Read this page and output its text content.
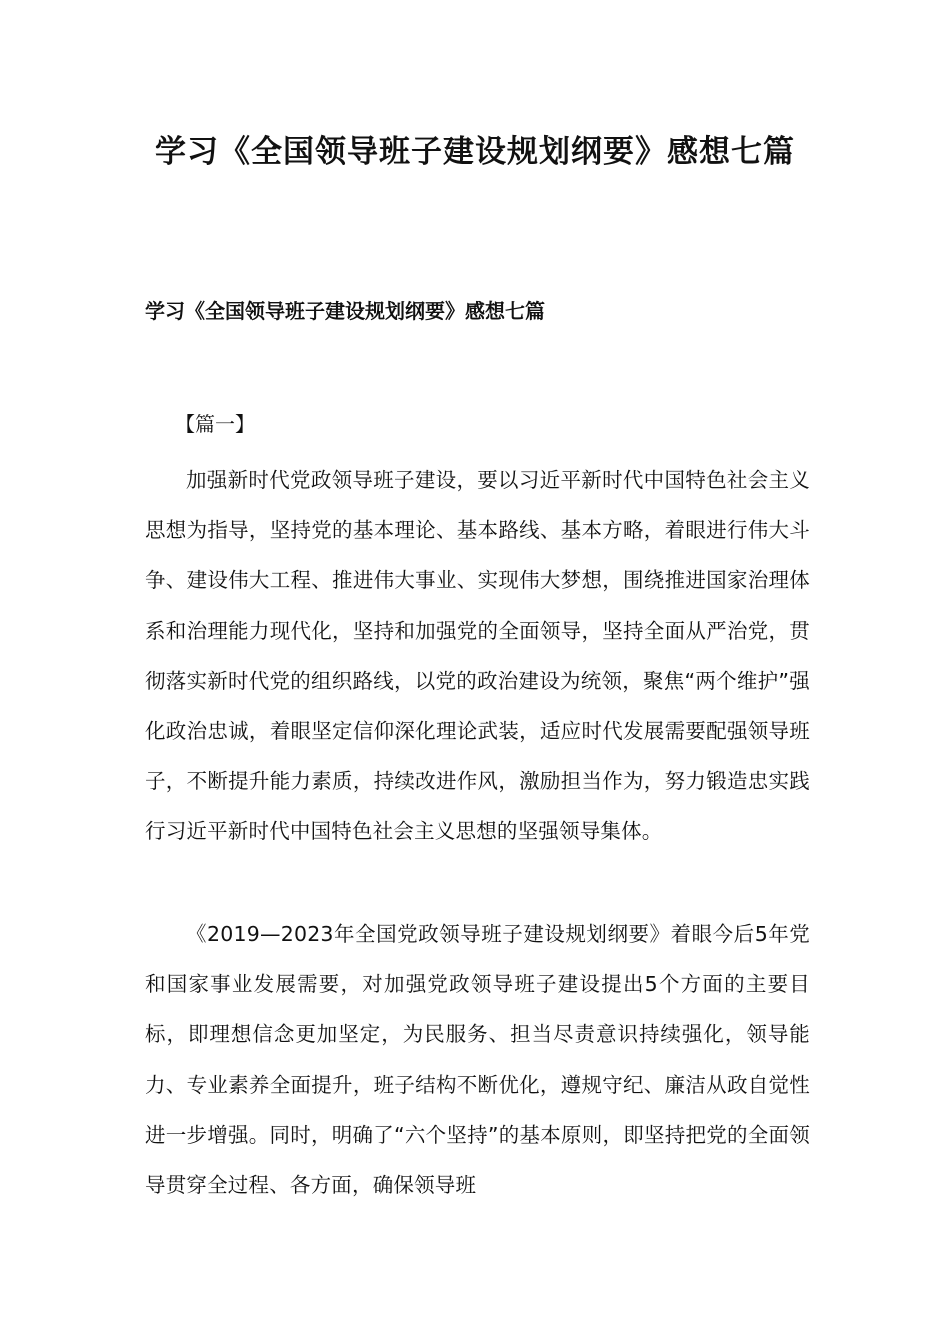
学习《全国领导班子建设规划纲要》感想七篇

学习《全国领导班子建设规划纲要》感想七篇

【篇一】

加强新时代党政领导班子建设，要以习近平新时代中国特色社会主义思想为指导，坚持党的基本理论、基本路线、基本方略，着眼进行伟大斗争、建设伟大工程、推进伟大事业、实现伟大梦想，围绕推进国家治理体系和治理能力现代化，坚持和加强党的全面领导，坚持全面从严治党，贯彻落实新时代党的组织路线，以党的政治建设为统领，聚焦“两个维护”强化政治忠诚，着眼坚定信仰深化理论武装，适应时代发展需要配强领导班子，不断提升能力素质，持续改进作风，激励担当作为，努力锻造忠实践行习近平新时代中国特色社会主义思想的坚强领导集体。

《2019—2023年全国党政领导班子建设规划纲要》着眼今后5年党和国家事业发展需要，对加强党政领导班子建设提出5个方面的主要目标，即理想信念更加坚定，为民服务、担当尽责意识持续强化，领导能力、专业素养全面提升，班子结构不断优化，遵规守纪、廉洁从政自觉性进一步增强。同时，明确了“六个坚持”的基本原则，即坚持把党的全面领导贯穿全过程、各方面，确保领导班
